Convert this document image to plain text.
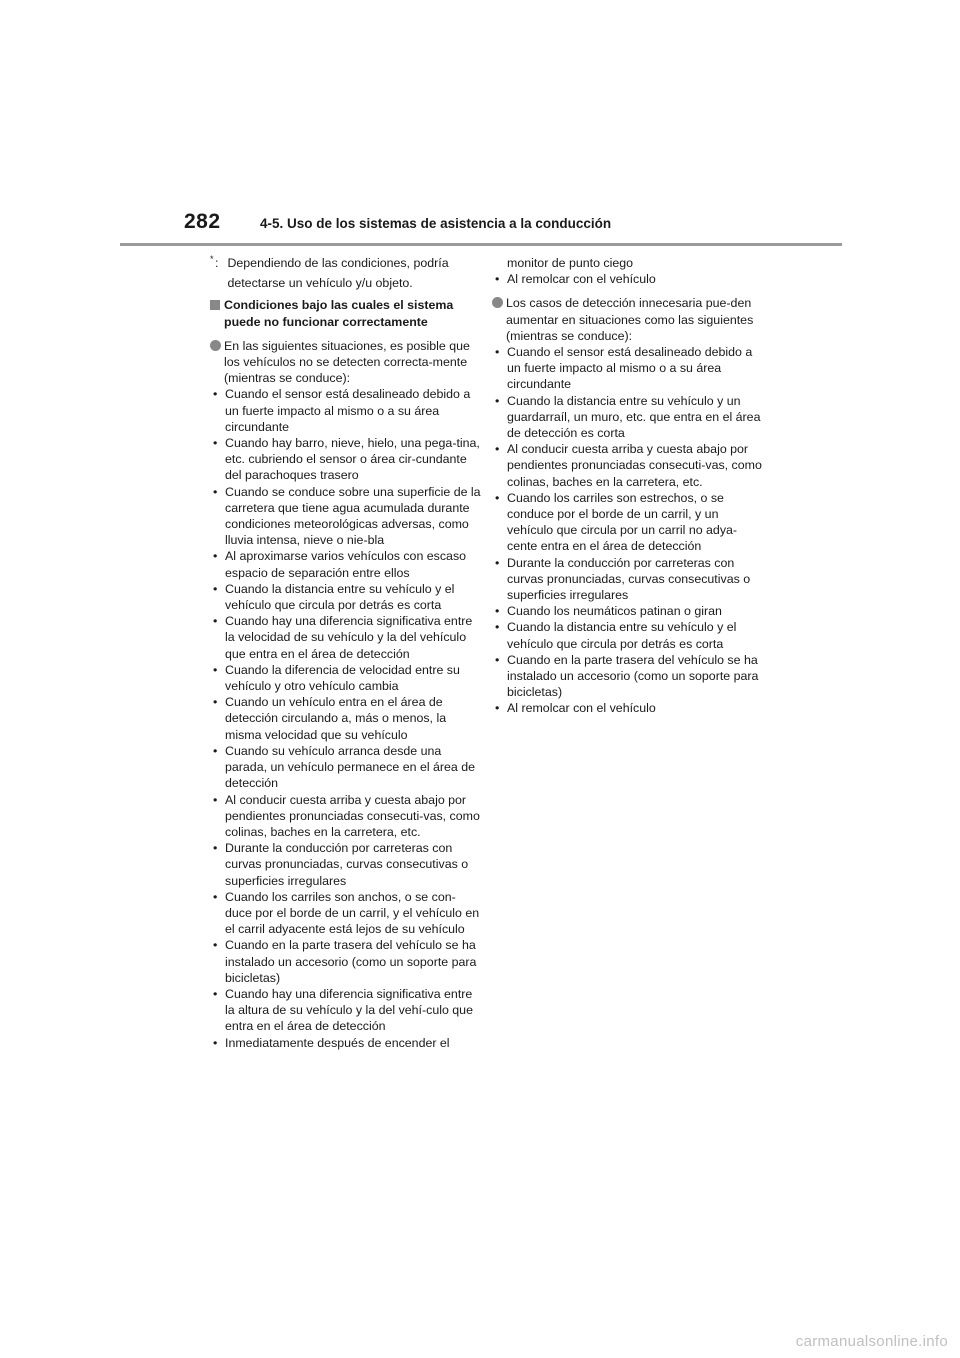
282	4-5. Uso de los sistemas de asistencia a la conducción
* : Dependiendo de las condiciones, podría

detectarse un vehículo y/u objeto.

Condiciones bajo las cuales el sistema puede no funcionar correctamente
En las siguientes situaciones, es posible que los vehículos no se detecten correcta-mente (mientras se conduce):
• Cuando el sensor está desalineado debido a un fuerte impacto al mismo o a su área circundante
• Cuando hay barro, nieve, hielo, una pega-tina, etc. cubriendo el sensor o área cir-cundante del parachoques trasero
• Cuando se conduce sobre una superficie de la carretera que tiene agua acumulada durante condiciones meteorológicas adversas, como lluvia intensa, nieve o nie-bla
• Al aproximarse varios vehículos con escaso espacio de separación entre ellos
• Cuando la distancia entre su vehículo y el vehículo que circula por detrás es corta
• Cuando hay una diferencia significativa entre la velocidad de su vehículo y la del vehículo que entra en el área de detección
• Cuando la diferencia de velocidad entre su vehículo y otro vehículo cambia
• Cuando un vehículo entra en el área de detección circulando a, más o menos, la misma velocidad que su vehículo
• Cuando su vehículo arranca desde una parada, un vehículo permanece en el área de detección
• Al conducir cuesta arriba y cuesta abajo por pendientes pronunciadas consecuti-vas, como colinas, baches en la carretera, etc.
• Durante la conducción por carreteras con curvas pronunciadas, curvas consecutivas o superficies irregulares
• Cuando los carriles son anchos, o se con-duce por el borde de un carril, y el vehículo en el carril adyacente está lejos de su vehículo
• Cuando en la parte trasera del vehículo se ha instalado un accesorio (como un soporte para bicicletas)
• Cuando hay una diferencia significativa entre la altura de su vehículo y la del vehí-culo que entra en el área de detección
• Inmediatamente después de encender el
monitor de punto ciego
• Al remolcar con el vehículo
Los casos de detección innecesaria pue-den aumentar en situaciones como las siguientes (mientras se conduce):
• Cuando el sensor está desalineado debido a un fuerte impacto al mismo o a su área circundante
• Cuando la distancia entre su vehículo y un guardarraíl, un muro, etc. que entra en el área de detección es corta
• Al conducir cuesta arriba y cuesta abajo por pendientes pronunciadas consecuti-vas, como colinas, baches en la carretera, etc.
• Cuando los carriles son estrechos, o se conduce por el borde de un carril, y un vehículo que circula por un carril no adya-cente entra en el área de detección
• Durante la conducción por carreteras con curvas pronunciadas, curvas consecutivas o superficies irregulares
• Cuando los neumáticos patinan o giran
• Cuando la distancia entre su vehículo y el vehículo que circula por detrás es corta
• Cuando en la parte trasera del vehículo se ha instalado un accesorio (como un soporte para bicicletas)
• Al remolcar con el vehículo
carmanualsonline.info
